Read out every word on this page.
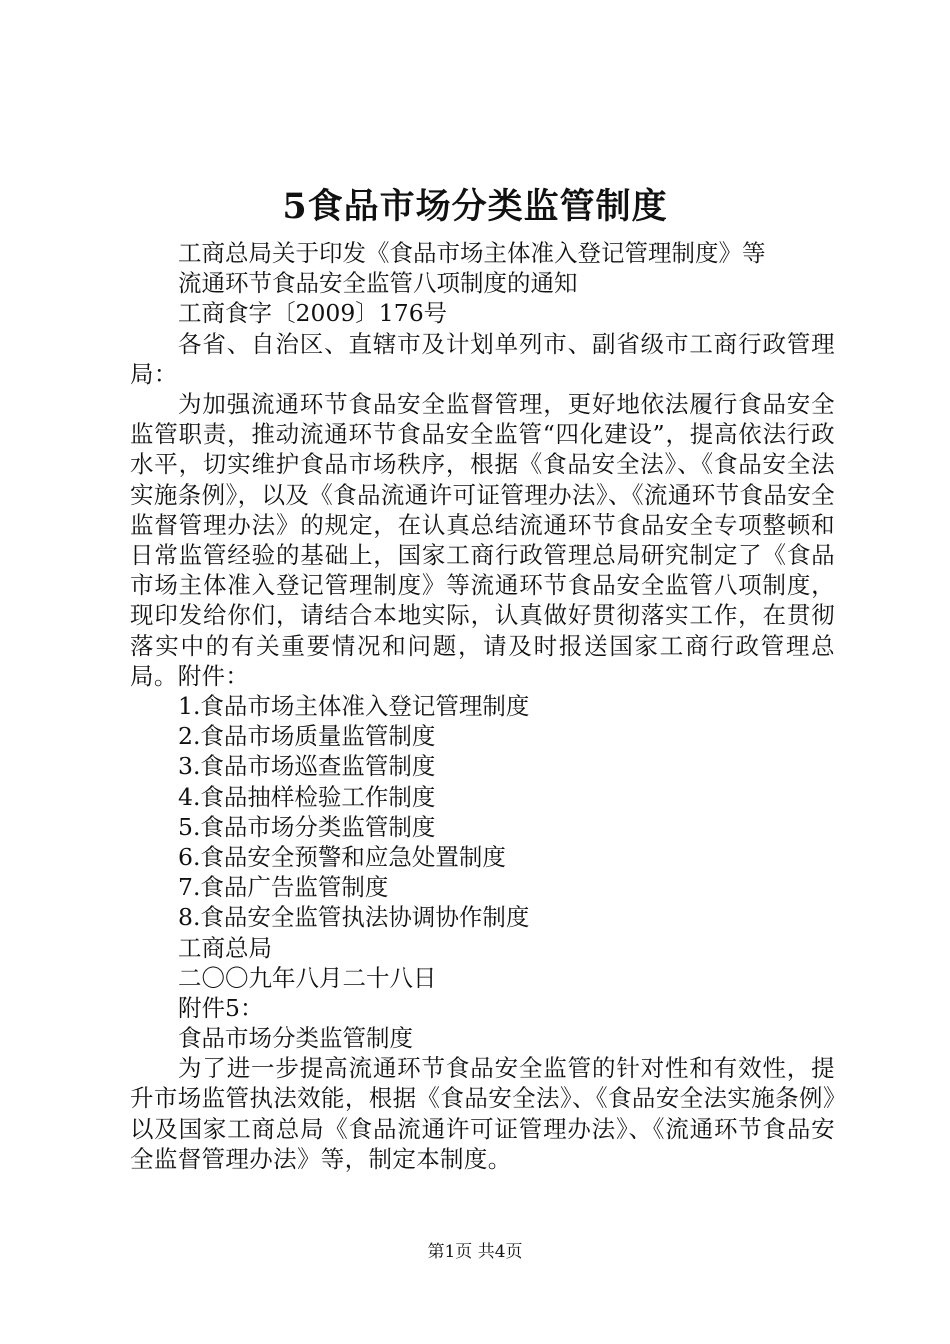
5食品市场分类监管制度
工商总局关于印发《食品市场主体准入登记管理制度》等
流通环节食品安全监管八项制度的通知
工商食字〔2009〕176号
各省、自治区、直辖市及计划单列市、副省级市工商行政管理局：
为加强流通环节食品安全监督管理，更好地依法履行食品安全监管职责，推动流通环节食品安全监管“四化建设”，提高依法行政水平，切实维护食品市场秩序，根据《食品安全法》、《食品安全法实施条例》，以及《食品流通许可证管理办法》、《流通环节食品安全监督管理办法》的规定，在认真总结流通环节食品安全专项整顿和日常监管经验的基础上，国家工商行政管理总局研究制定了《食品市场主体准入登记管理制度》等流通环节食品安全监管八项制度，现印发给你们，请结合本地实际，认真做好贯彻落实工作，在贯彻落实中的有关重要情况和问题，请及时报送国家工商行政管理总局。附件：
1.食品市场主体准入登记管理制度
2.食品市场质量监管制度
3.食品市场巡查监管制度
4.食品抽样检验工作制度
5.食品市场分类监管制度
6.食品安全预警和应急处置制度
7.食品广告监管制度
8.食品安全监管执法协调协作制度
工商总局
二〇〇九年八月二十八日
附件5：
食品市场分类监管制度
为了进一步提高流通环节食品安全监管的针对性和有效性，提升市场监管执法效能，根据《食品安全法》、《食品安全法实施条例》以及国家工商总局《食品流通许可证管理办法》、《流通环节食品安全监督管理办法》等，制定本制度。
第1页 共4页
